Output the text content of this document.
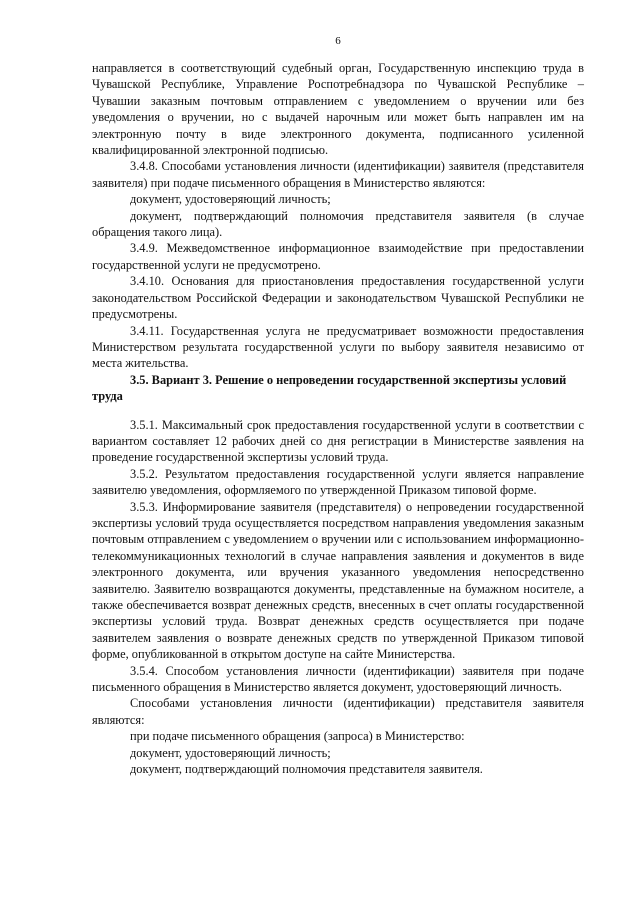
6

направляется в соответствующий судебный орган, Государственную инспекцию труда в Чувашской Республике, Управление Роспотребнадзора по Чувашской Республике – Чувашии заказным почтовым отправлением с уведомлением о вручении или без уведомления о вручении, но с выдачей нарочным или может быть направлен им на электронную почту в виде электронного документа, подписанного усиленной квалифицированной электронной подписью.

3.4.8. Способами установления личности (идентификации) заявителя (представителя заявителя) при подаче письменного обращения в Министерство являются:

документ, удостоверяющий личность;

документ, подтверждающий полномочия представителя заявителя (в случае обращения такого лица).

3.4.9. Межведомственное информационное взаимодействие при предоставлении государственной услуги не предусмотрено.

3.4.10. Основания для приостановления предоставления государственной услуги законодательством Российской Федерации и законодательством Чувашской Республики не предусмотрены.

3.4.11. Государственная услуга не предусматривает возможности предоставления Министерством результата государственной услуги по выбору заявителя независимо от места жительства.

3.5. Вариант 3. Решение о непроведении государственной экспертизы условий труда

3.5.1. Максимальный срок предоставления государственной услуги в соответствии с вариантом составляет 12 рабочих дней со дня регистрации в Министерстве заявления на проведение государственной экспертизы условий труда.

3.5.2. Результатом предоставления государственной услуги является направление заявителю уведомления, оформляемого по утвержденной Приказом типовой форме.

3.5.3. Информирование заявителя (представителя) о непроведении государственной экспертизы условий труда осуществляется посредством направления уведомления заказным почтовым отправлением с уведомлением о вручении или с использованием информационно-телекоммуникационных технологий в случае направления заявления и документов в виде электронного документа, или вручения указанного уведомления непосредственно заявителю. Заявителю возвращаются документы, представленные на бумажном носителе, а также обеспечивается возврат денежных средств, внесенных в счет оплаты государственной экспертизы условий труда. Возврат денежных средств осуществляется при подаче заявителем заявления о возврате денежных средств по утвержденной Приказом типовой форме, опубликованной в открытом доступе на сайте Министерства.

3.5.4. Способом установления личности (идентификации) заявителя при подаче письменного обращения в Министерство является документ, удостоверяющий личность.

Способами установления личности (идентификации) представителя заявителя являются:

при подаче письменного обращения (запроса) в Министерство:

документ, удостоверяющий личность;

документ, подтверждающий полномочия представителя заявителя.
